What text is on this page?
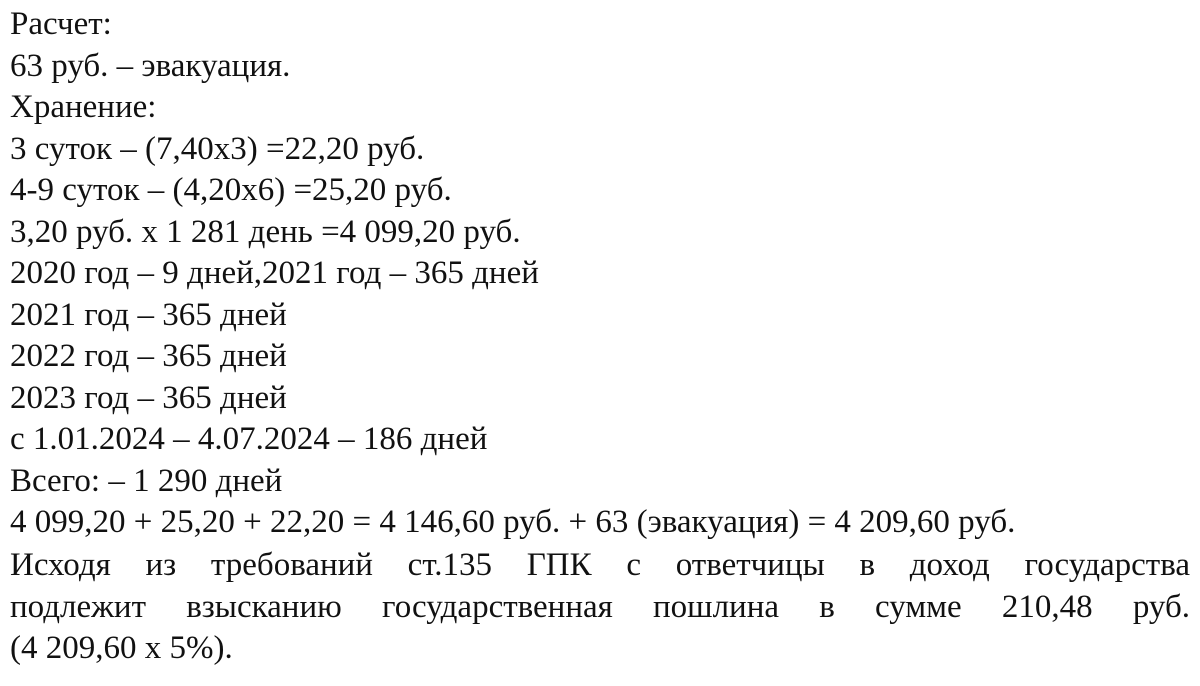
Расчет:

63 руб. – эвакуация.

Хранение:

3 суток – (7,40х3) =22,20 руб.

4-9 суток – (4,20х6) =25,20 руб.

3,20 руб. х 1 281 день =4 099,20 руб.

2020 год – 9 дней,2021 год – 365 дней

2021 год – 365 дней

2022 год – 365 дней

2023 год – 365 дней

с 1.01.2024 – 4.07.2024 – 186 дней

Всего: – 1 290 дней

4 099,20 + 25,20 + 22,20 = 4 146,60 руб. + 63 (эвакуация) = 4 209,60 руб.

Исходя из требований ст.135 ГПК с ответчицы в доход государства
подлежит взысканию государственная пошлина в сумме 210,48 руб.
(4 209,60 х 5%).
